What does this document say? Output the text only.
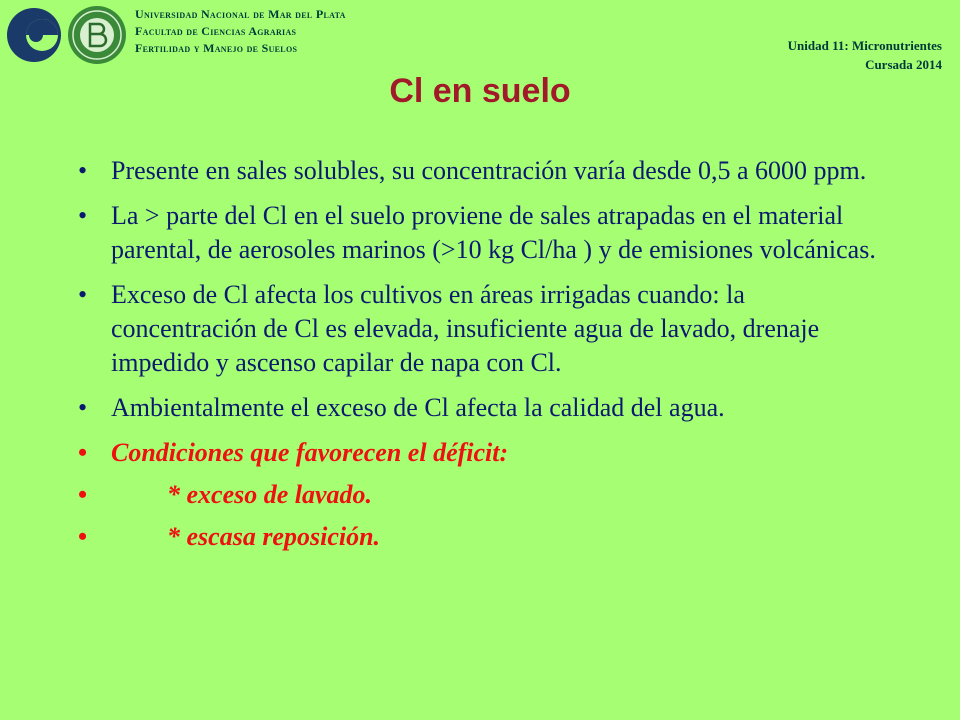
Universidad Nacional de Mar del Plata
Facultad de Ciencias Agrarias
Fertilidad y Manejo de Suelos	Unidad 11: Micronutrientes
Cursada 2014
Cl en suelo
• Presente en sales solubles, su concentración varía desde 0,5 a 6000 ppm.
• La > parte del Cl en el suelo proviene de sales atrapadas en el material parental, de aerosoles marinos (>10 kg Cl/ha ) y de emisiones volcánicas.
• Exceso de Cl afecta los cultivos en áreas irrigadas cuando: la concentración de Cl es elevada, insuficiente agua de lavado, drenaje impedido y ascenso capilar de napa con Cl.
• Ambientalmente el exceso de Cl afecta la calidad del agua.
• Condiciones que favorecen el déficit:
• * exceso de lavado.
• * escasa reposición.
